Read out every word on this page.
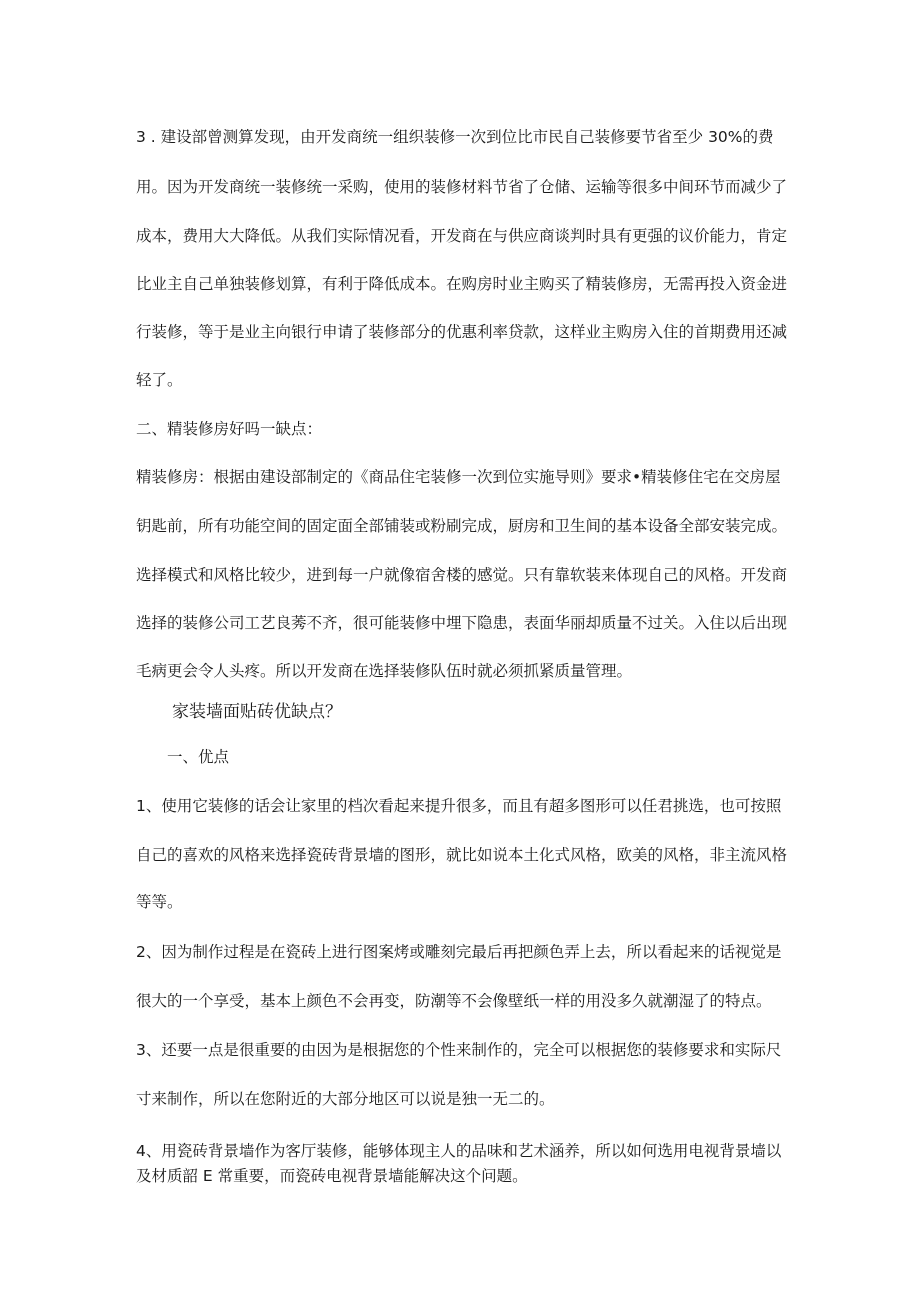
3 . 建设部曾测算发现，由开发商统一组织装修一次到位比市民自己装修要节省至少 30%的费

用。因为开发商统一装修统一采购，使用的装修材料节省了仓储、运输等很多中间环节而减少了

成本，费用大大降低。从我们实际情况看，开发商在与供应商谈判时具有更强的议价能力，肯定

比业主自己单独装修划算，有利于降低成本。在购房时业主购买了精装修房，无需再投入资金进

行装修，等于是业主向银行申请了装修部分的优惠利率贷款，这样业主购房入住的首期费用还减

轻了。

二、精装修房好吗一缺点：

精装修房：根据由建设部制定的《商品住宅装修一次到位实施导则》要求•精装修住宅在交房屋

钥匙前，所有功能空间的固定面全部铺装或粉刷完成，厨房和卫生间的基本设备全部安装完成。

选择模式和风格比较少，进到每一户就像宿舍楼的感觉。只有靠软装来体现自己的风格。开发商

选择的装修公司工艺良莠不齐，很可能装修中埋下隐患，表面华丽却质量不过关。入住以后出现

毛病更会令人头疼。所以开发商在选择装修队伍时就必须抓紧质量管理。

家装墙面贴砖优缺点？

一、优点

1、使用它装修的话会让家里的档次看起来提升很多，而且有超多图形可以任君挑选，也可按照

自己的喜欢的风格来选择瓷砖背景墙的图形，就比如说本土化式风格，欧美的风格，非主流风格

等等。

2、因为制作过程是在瓷砖上进行图案烤或雕刻完最后再把颜色弄上去，所以看起来的话视觉是

很大的一个享受，基本上颜色不会再变，防潮等不会像壁纸一样的用没多久就潮湿了的特点。

3、还要一点是很重要的由因为是根据您的个性来制作的，完全可以根据您的装修要求和实际尺

寸来制作，所以在您附近的大部分地区可以说是独一无二的。

4、用瓷砖背景墙作为客厅装修，能够体现主人的品味和艺术涵养，所以如何选用电视背景墙以

及材质韶 E 常重要，而瓷砖电视背景墙能解决这个问题。
